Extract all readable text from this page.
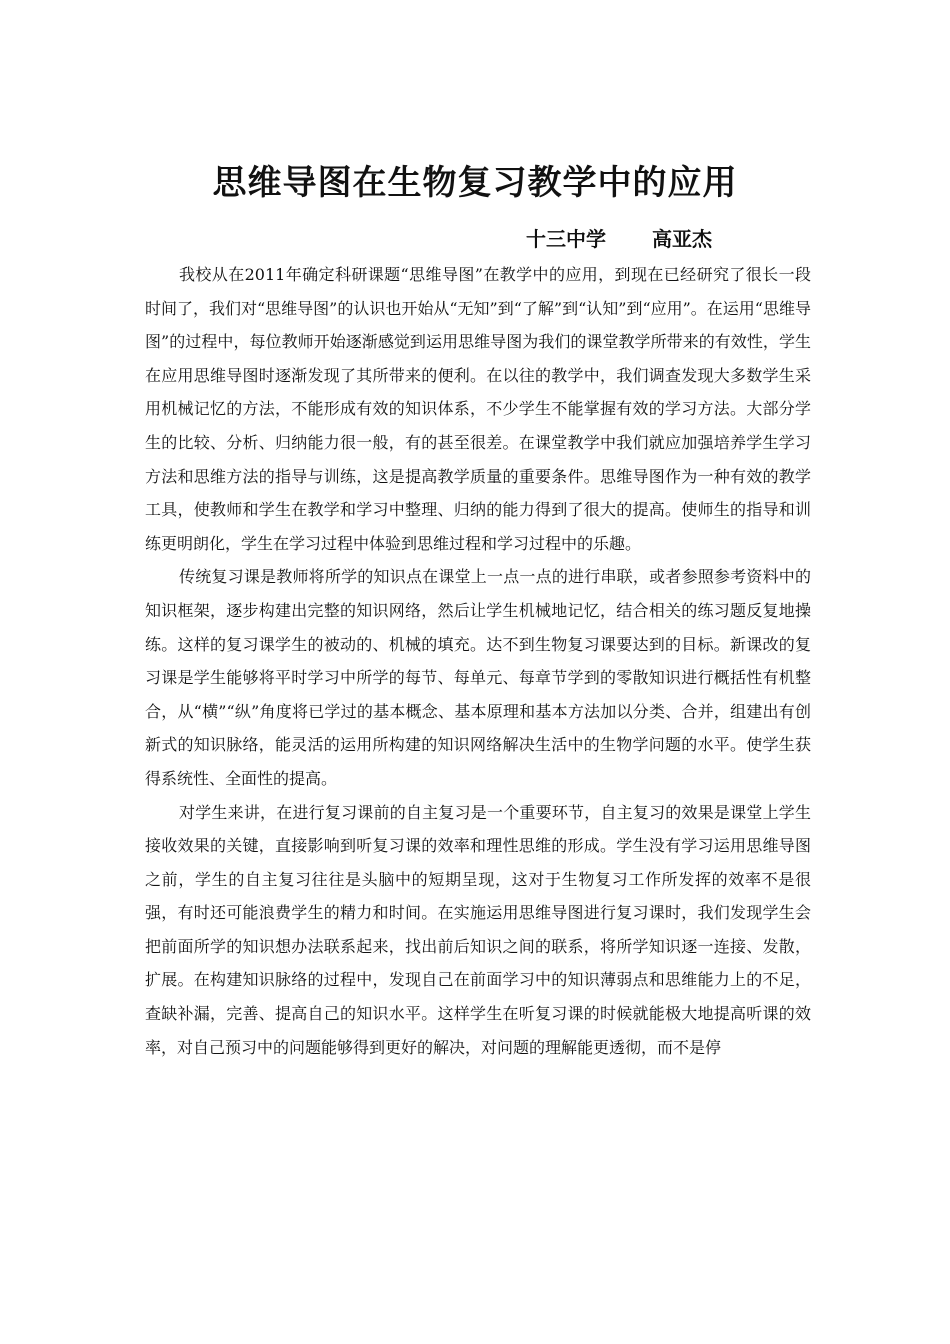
思维导图在生物复习教学中的应用
十三中学 高亚杰

我校从在2011年确定科研课题“思维导图”在教学中的应用，到现在已经研究了很长一段时间了，我们对“思维导图”的认识也开始从“无知”到“了解”到“认知”到“应用”。在运用“思维导图”的过程中，每位教师开始逐渐感觉到运用思维导图为我们的课堂教学所带来的有效性，学生在应用思维导图时逐渐发现了其所带来的便利。在以往的教学中，我们调查发现大多数学生采用机械记忆的方法，不能形成有效的知识体系，不少学生不能掌握有效的学习方法。大部分学生的比较、分析、归纳能力很一般，有的甚至很差。在课堂教学中我们就应加强培养学生学习方法和思维方法的指导与训练，这是提高教学质量的重要条件。思维导图作为一种有效的教学工具，使教师和学生在教学和学习中整理、归纳的能力得到了很大的提高。使师生的指导和训练更明朗化，学生在学习过程中体验到思维过程和学习过程中的乐趣。

传统复习课是教师将所学的知识点在课堂上一点一点的进行串联，或者参照参考资料中的知识框架，逐步构建出完整的知识网络，然后让学生机械地记忆，结合相关的练习题反复地操练。这样的复习课学生的被动的、机械的填充。达不到生物复习课要达到的目标。新课改的复习课是学生能够将平时学习中所学的每节、每单元、每章节学到的零散知识进行概括性有机整合，从“横”“纵”角度将已学过的基本概念、基本原理和基本方法加以分类、合并，组建出有创新式的知识脉络，能灵活的运用所构建的知识网络解决生活中的生物学问题的水平。使学生获得系统性、全面性的提高。

对学生来讲，在进行复习课前的自主复习是一个重要环节，自主复习的效果是课堂上学生接收效果的关键，直接影响到听复习课的效率和理性思维的形成。学生没有学习运用思维导图之前，学生的自主复习往往是头脑中的短期呈现，这对于生物复习工作所发挥的效率不是很强，有时还可能浪费学生的精力和时间。在实施运用思维导图进行复习课时，我们发现学生会把前面所学的知识想办法联系起来，找出前后知识之间的联系，将所学知识逐一连接、发散，扩展。在构建知识脉络的过程中，发现自己在前面学习中的知识薄弱点和思维能力上的不足，查缺补漏，完善、提高自己的知识水平。这样学生在听复习课的时候就能极大地提高听课的效率，对自己预习中的问题能够得到更好的解决，对问题的理解能更透彻，而不是停
